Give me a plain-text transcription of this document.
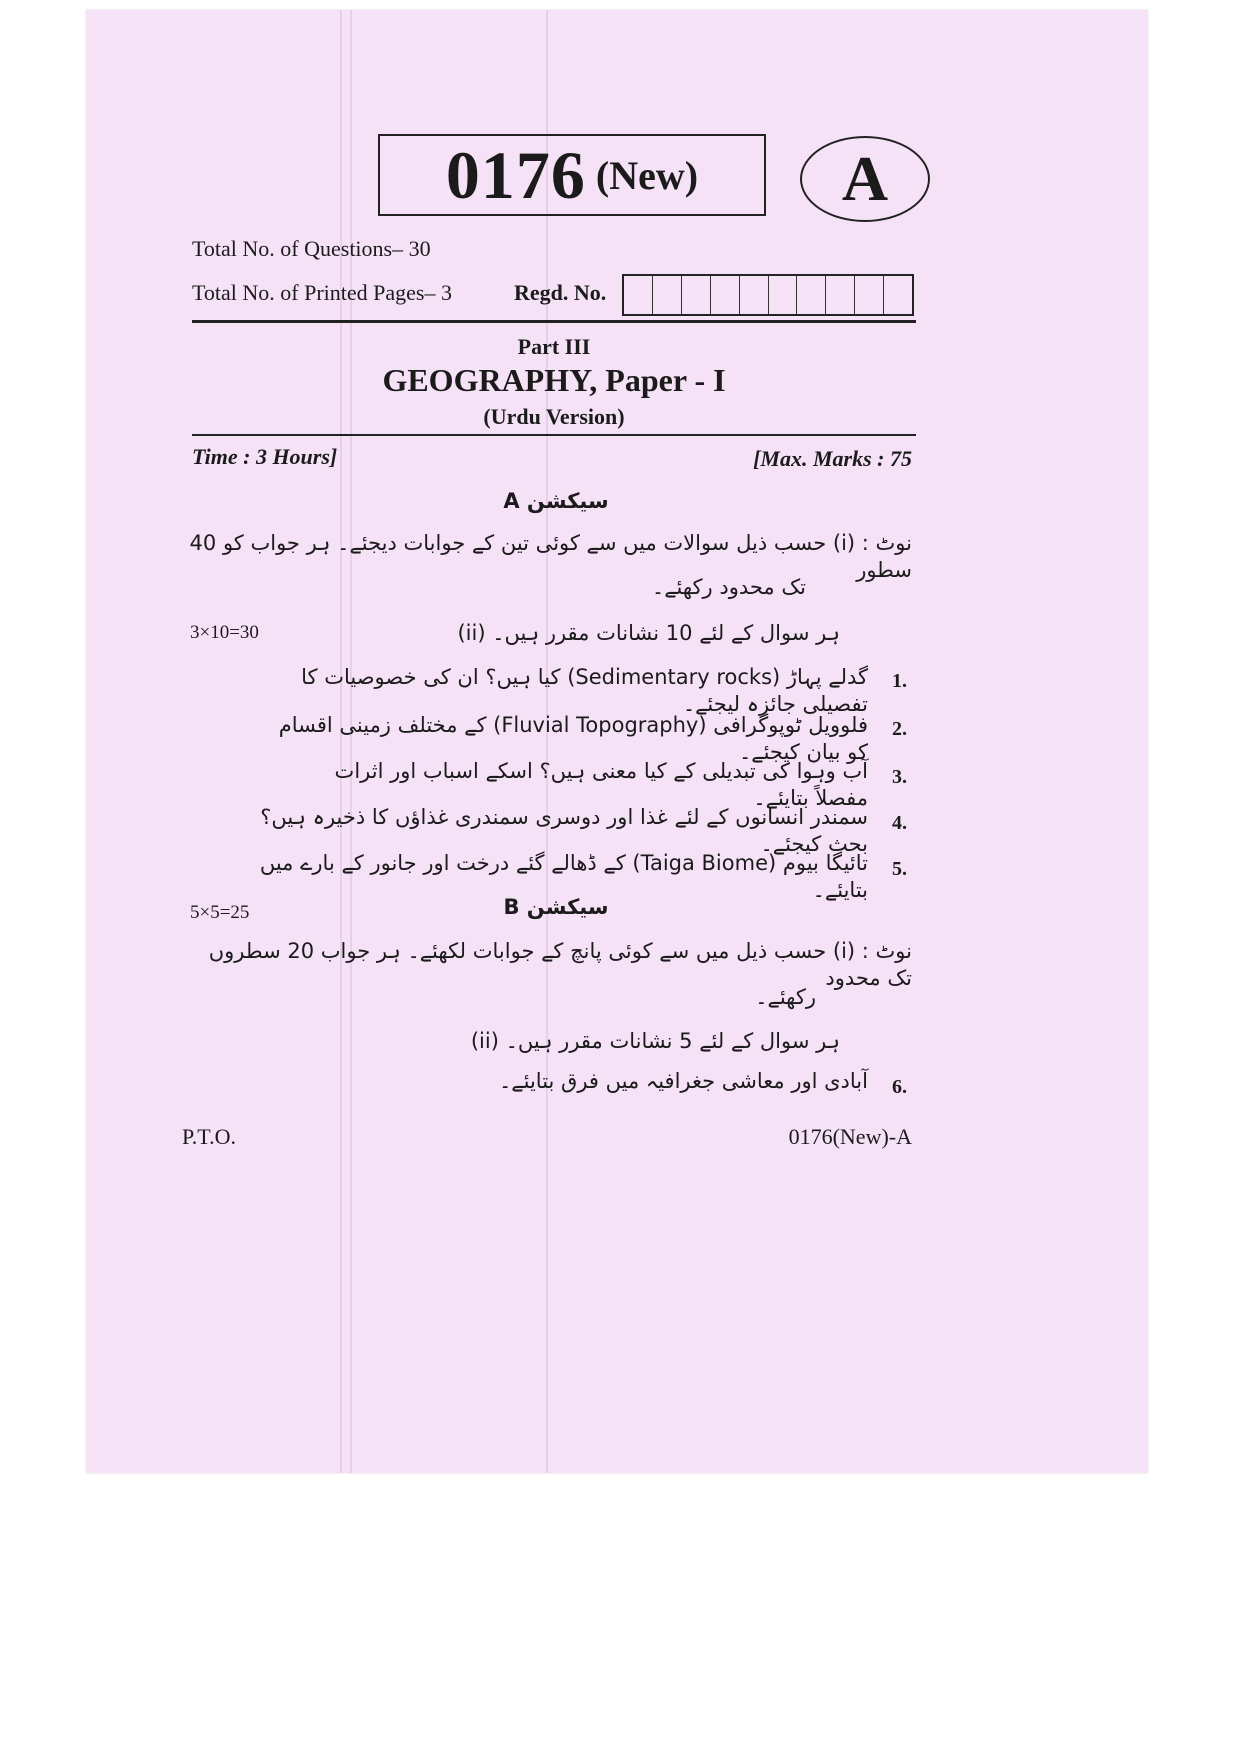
0176 (New)	A
Total No. of Questions– 30
Total No. of Printed Pages– 3	Regd. No.
Part III
GEOGRAPHY, Paper - I
(Urdu Version)
Time : 3 Hours]	[Max. Marks : 75
سیکشن A
نوٹ : (i) حسب ذیل سوالات میں سے کوئی تین کے جوابات دیجئے۔ ہر جواب کو 40 سطور
تک محدود رکھئے۔
3×10=30	(ii) ہر سوال کے لئے 10 نشانات مقرر ہیں۔
1.
گدلے پہاڑ (Sedimentary rocks) کیا ہیں؟ ان کی خصوصیات کا تفصیلی جائزہ لیجئے۔
2.
فلوویل ٹوپوگرافی (Fluvial Topography) کے مختلف زمینی اقسام کو بیان کیجئے۔
3.
آب وہوا کی تبدیلی کے کیا معنی ہیں؟ اسکے اسباب اور اثرات مفصلاً بتایئے۔
4.
سمندر انسانوں کے لئے غذا اور دوسری سمندری غذاؤں کا ذخیرہ ہیں؟ بحث کیجئے۔
5.
تائیگا بیوم (Taiga Biome) کے ڈھالے گئے درخت اور جانور کے بارے میں بتایئے۔
5×5=25	سیکشن B
نوٹ : (i) حسب ذیل میں سے کوئی پانچ کے جوابات لکھئے۔ ہر جواب 20 سطروں تک محدود
رکھئے۔
(ii) ہر سوال کے لئے 5 نشانات مقرر ہیں۔
6.
آبادی اور معاشی جغرافیہ میں فرق بتایئے۔
P.T.O.	0176(New)-A
